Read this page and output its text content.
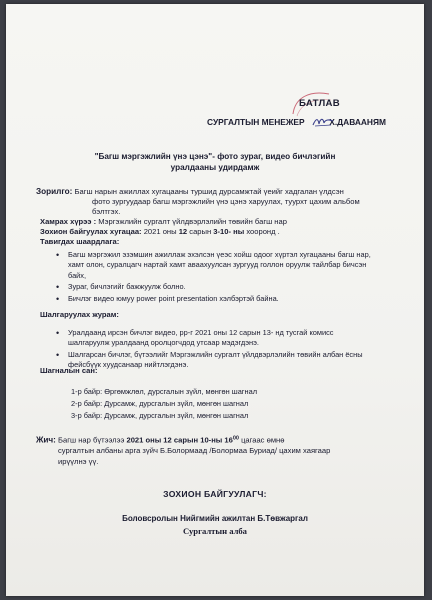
БАТЛАВ
СУРГАЛТЫН МЕНЕЖЕР	Х.ДАВААНЯМ
"Багш мэргэжлийн үнэ цэнэ"- фото зураг, видео бичлэгийн
уралдааны удирдамж
Зорилго: Багш нарын ажиллах хугацааны туршид дурсамжтай үеийг хадгалан үлдсэн
фото зургуудаар багш мэргэжлийн үнэ цэнэ харуулах, туурхт цахим альбом
бэлтгэх.
Хамрах хүрээ : Мэргэжлийн сургалт үйлдвэрлэлийн төвийн багш нар
Зохион байгуулах хугацаа: 2021 оны 12 сарын 3-10- ны хооронд .
Тавигдах шаардлага:
• Багш мэргэжил эзэмшин ажиллаж эхэлсэн үеэс хойш одоог хүртэл хугацааны багш нар, хамт олон, суралцагч нартай хамт аваахуулсан зургууд голлон оруулж тайлбар бичсэн байх,
• Зураг, бичлэгийг бажжуулж болно.
• Бичлэг видео юмуу power point presentation хэлбэртэй байна.
Шалгаруулах журам:
• Уралдаанд ирсэн бичлэг видео, рр-г 2021 оны 12 сарын 13- нд тусгай комисс шалгаруулж уралдаанд оролцогчдод утсаар мэдэгдэнэ.
• Шалгарсан бичлэг, бүтээлийг Мэргэжлийн сургалт үйлдвэрлэлийн төвийн албан ёсны фейсбүүк хуудсанаар нийтлэгдэнэ.
Шагналын сан:
1-р байр: Өргөмжлөл, дурсгалын зүйл, мөнгөн шагнал
2-р байр: Дурсамж, дурсгалын зүйл, мөнгөн шагнал
3-р байр: Дурсамж, дурсгалын зүйл, мөнгөн шагнал
Жич: Багш нар бүтээлээ 2021 оны 12 сарын 10-ны $16^{00}$ цагаас өмнө
сургалтын албаны арга зүйч Б.Болормаад /Болормаа Буриад/ цахим хаягаар
ирүүлнэ үү.
ЗОХИОН БАЙГУУЛАГЧ:
Боловсролын Нийгмийн ажилтан Б.Төвжаргал
Сургалтын алба
